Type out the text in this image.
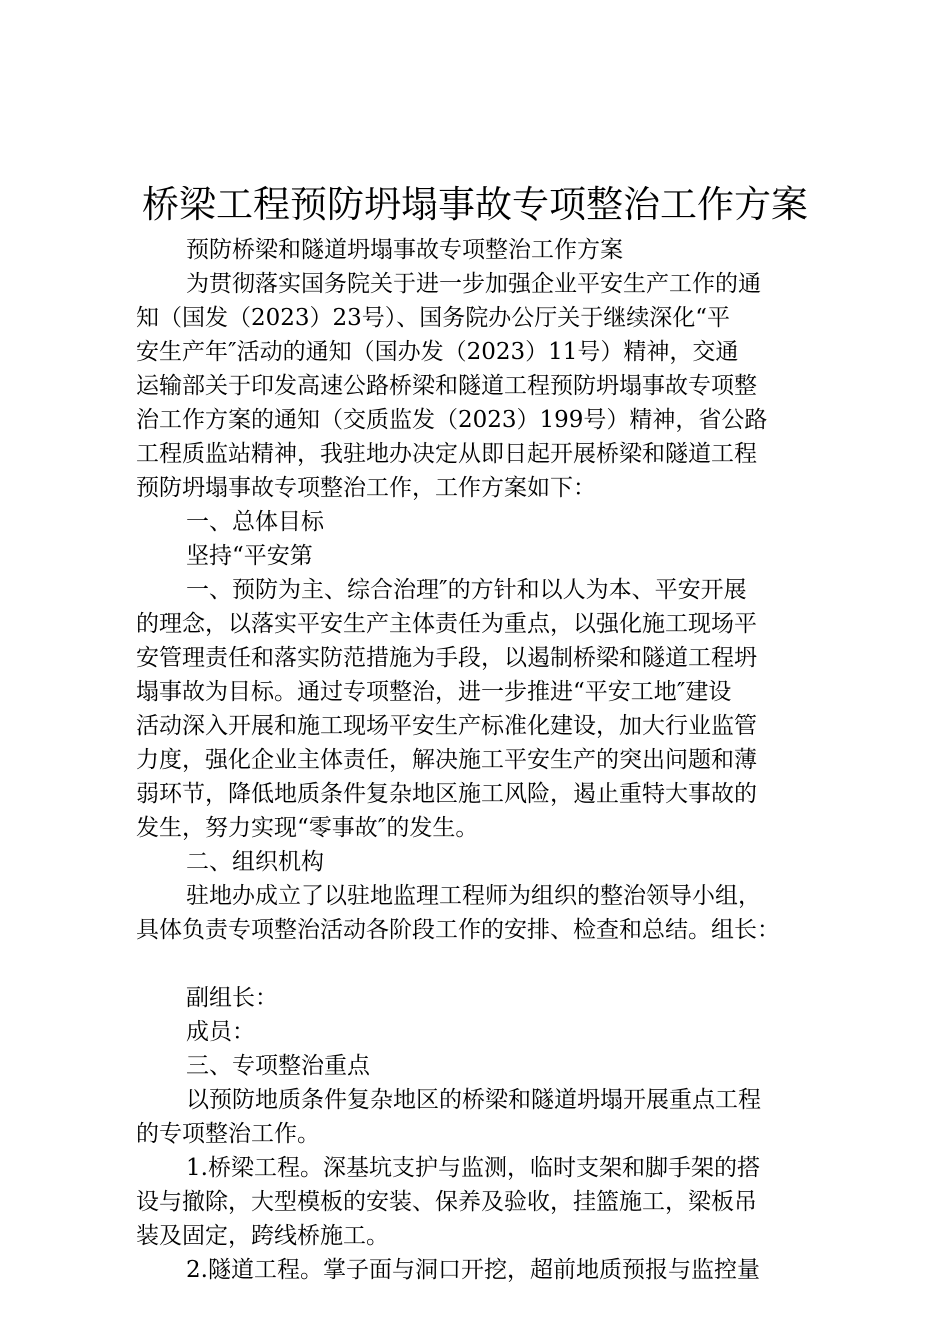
桥梁工程预防坍塌事故专项整治工作方案
预防桥梁和隧道坍塌事故专项整治工作方案
为贯彻落实国务院关于进一步加强企业平安生产工作的通
知（国发（2023）23号）、国务院办公厅关于继续深化“平
安生产年″活动的通知（国办发（2023）11号）精神，交通
运输部关于印发高速公路桥梁和隧道工程预防坍塌事故专项整
治工作方案的通知（交质监发（2023）199号）精神，省公路
工程质监站精神，我驻地办决定从即日起开展桥梁和隧道工程
预防坍塌事故专项整治工作，工作方案如下：
一、总体目标
坚持“平安第
一、预防为主、综合治理″的方针和以人为本、平安开展
的理念，以落实平安生产主体责任为重点，以强化施工现场平
安管理责任和落实防范措施为手段，以遏制桥梁和隧道工程坍
塌事故为目标。通过专项整治，进一步推进“平安工地″建设
活动深入开展和施工现场平安生产标准化建设，加大行业监管
力度，强化企业主体责任，解决施工平安生产的突出问题和薄
弱环节，降低地质条件复杂地区施工风险，遏止重特大事故的
发生，努力实现“零事故″的发生。
二、组织机构
驻地办成立了以驻地监理工程师为组织的整治领导小组，
具体负责专项整治活动各阶段工作的安排、检查和总结。组长：
副组长：
成员：
三、专项整治重点
以预防地质条件复杂地区的桥梁和隧道坍塌开展重点工程
的专项整治工作。
1.桥梁工程。深基坑支护与监测，临时支架和脚手架的搭
设与撤除，大型模板的安装、保养及验收，挂篮施工，梁板吊
装及固定，跨线桥施工。
2.隧道工程。掌子面与洞口开挖，超前地质预报与监控量
